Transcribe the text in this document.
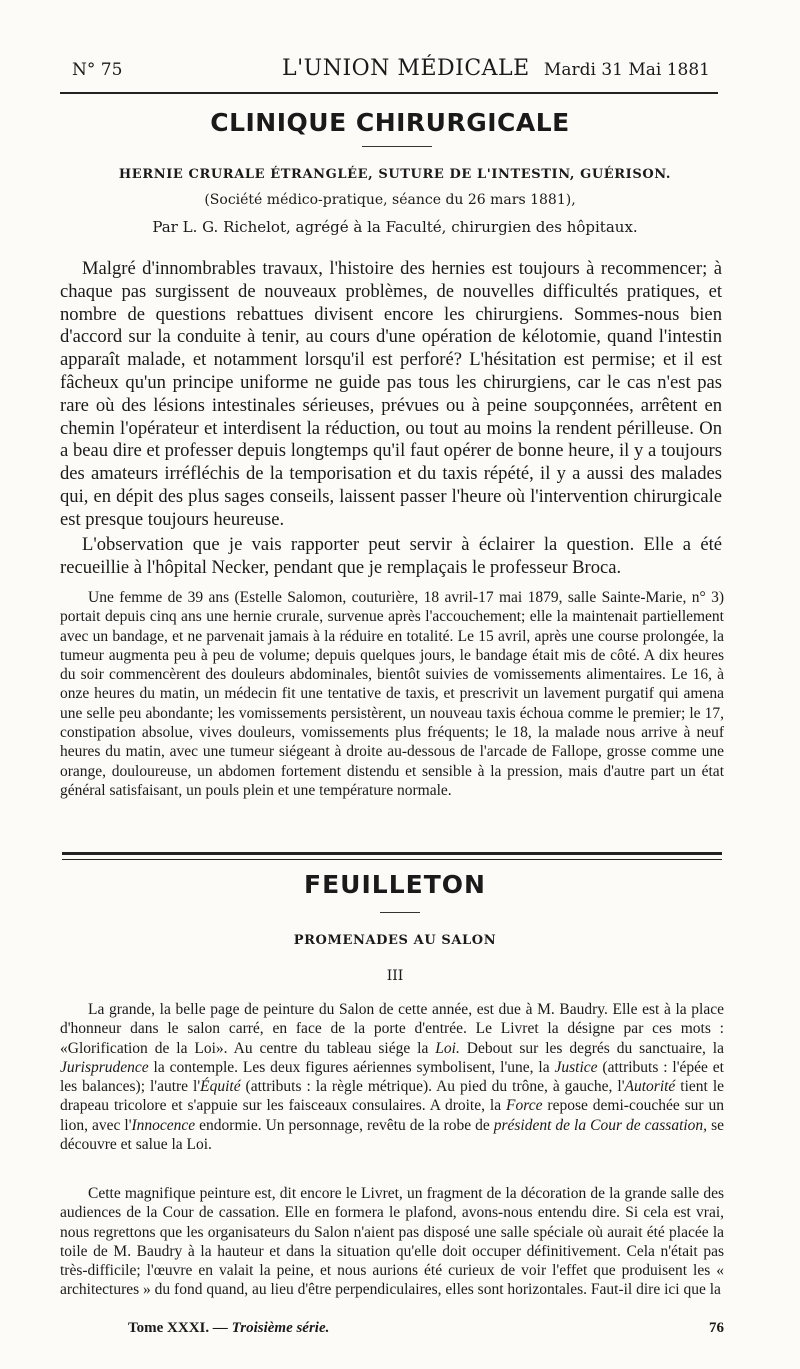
N° 75	L'UNION MÉDICALE Mardi 31 Mai 1881
CLINIQUE CHIRURGICALE
HERNIE CRURALE ÉTRANGLÉE, SUTURE DE L'INTESTIN, GUÉRISON.
(Société médico-pratique, séance du 26 mars 1881),
Par L. G. Richelot, agrégé à la Faculté, chirurgien des hôpitaux.

Malgré d'innombrables travaux, l'histoire des hernies est toujours à recommencer; à chaque pas surgissent de nouveaux problèmes, de nouvelles difficultés pratiques, et nombre de questions rebattues divisent encore les chirurgiens. Sommes-nous bien d'accord sur la conduite à tenir, au cours d'une opération de kélotomie, quand l'intestin apparaît malade, et notamment lorsqu'il est perforé? L'hésitation est permise; et il est fâcheux qu'un principe uniforme ne guide pas tous les chirurgiens, car le cas n'est pas rare où des lésions intestinales sérieuses, prévues ou à peine soupçonnées, arrêtent en chemin l'opérateur et interdisent la réduction, ou tout au moins la rendent périlleuse. On a beau dire et professer depuis longtemps qu'il faut opérer de bonne heure, il y a toujours des amateurs irréfléchis de la temporisation et du taxis répété, il y a aussi des malades qui, en dépit des plus sages conseils, laissent passer l'heure où l'intervention chirurgicale est presque toujours heureuse.

L'observation que je vais rapporter peut servir à éclairer la question. Elle a été recueillie à l'hôpital Necker, pendant que je remplaçais le professeur Broca.

Une femme de 39 ans (Estelle Salomon, couturière, 18 avril-17 mai 1879, salle Sainte-Marie, n° 3) portait depuis cinq ans une hernie crurale, survenue après l'accouchement; elle la maintenait partiellement avec un bandage, et ne parvenait jamais à la réduire en totalité. Le 15 avril, après une course prolongée, la tumeur augmenta peu à peu de volume; depuis quelques jours, le bandage était mis de côté. A dix heures du soir commencèrent des douleurs abdominales, bientôt suivies de vomissements alimentaires. Le 16, à onze heures du matin, un médecin fit une tentative de taxis, et prescrivit un lavement purgatif qui amena une selle peu abondante; les vomissements persistèrent, un nouveau taxis échoua comme le premier; le 17, constipation absolue, vives douleurs, vomissements plus fréquents; le 18, la malade nous arrive à neuf heures du matin, avec une tumeur siégeant à droite au-dessous de l'arcade de Fallope, grosse comme une orange, douloureuse, un abdomen fortement distendu et sensible à la pression, mais d'autre part un état général satisfaisant, un pouls plein et une température normale.

FEUILLETON
PROMENADES AU SALON
III

La grande, la belle page de peinture du Salon de cette année, est due à M. Baudry. Elle est à la place d'honneur dans le salon carré, en face de la porte d'entrée. Le Livret la désigne par ces mots : «Glorification de la Loi». Au centre du tableau siége la Loi. Debout sur les degrés du sanctuaire, la Jurisprudence la contemple. Les deux figures aériennes symbolisent, l'une, la Justice (attributs : l'épée et les balances); l'autre l'Équité (attributs : la règle métrique). Au pied du trône, à gauche, l'Autorité tient le drapeau tricolore et s'appuie sur les faisceaux consulaires. A droite, la Force repose demi-couchée sur un lion, avec l'Innocence endormie. Un personnage, revêtu de la robe de président de la Cour de cassation, se découvre et salue la Loi.

Cette magnifique peinture est, dit encore le Livret, un fragment de la décoration de la grande salle des audiences de la Cour de cassation. Elle en formera le plafond, avons-nous entendu dire. Si cela est vrai, nous regrettons que les organisateurs du Salon n'aient pas disposé une salle spéciale où aurait été placée la toile de M. Baudry à la hauteur et dans la situation qu'elle doit occuper définitivement. Cela n'était pas très-difficile; l'œuvre en valait la peine, et nous aurions été curieux de voir l'effet que produisent les « architectures » du fond quand, au lieu d'être perpendiculaires, elles sont horizontales. Faut-il dire ici que la

Tome XXXI. — Troisième série.	76
